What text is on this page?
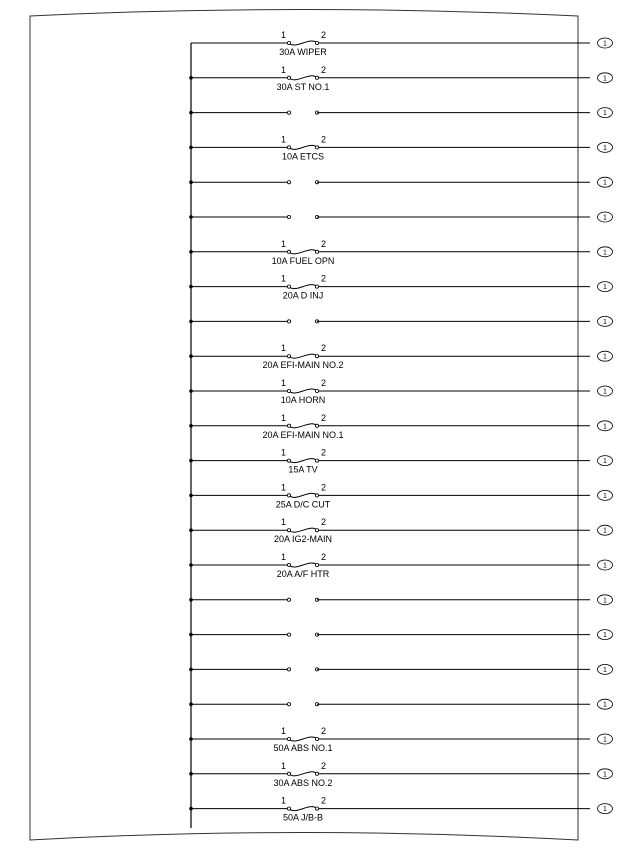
1	2
30A WIPER
1
1	2
30A ST NO.1
1
1
1	2
10A ETCS
1
1
1
1	2
10A FUEL OPN
1
1	2
20A D INJ
1
1
1	2
20A EFI-MAIN NO.2
1
1	2
10A HORN
1
1	2
20A EFI-MAIN NO.1
1
1	2
15A TV
1
1	2
25A D/C CUT
1
1	2
20A IG2-MAIN
1
1	2
20A A/F HTR
1
1
1
1
1
1	2
50A ABS NO.1
1
1	2
30A ABS NO.2
1
1	2
50A J/B-B
1
